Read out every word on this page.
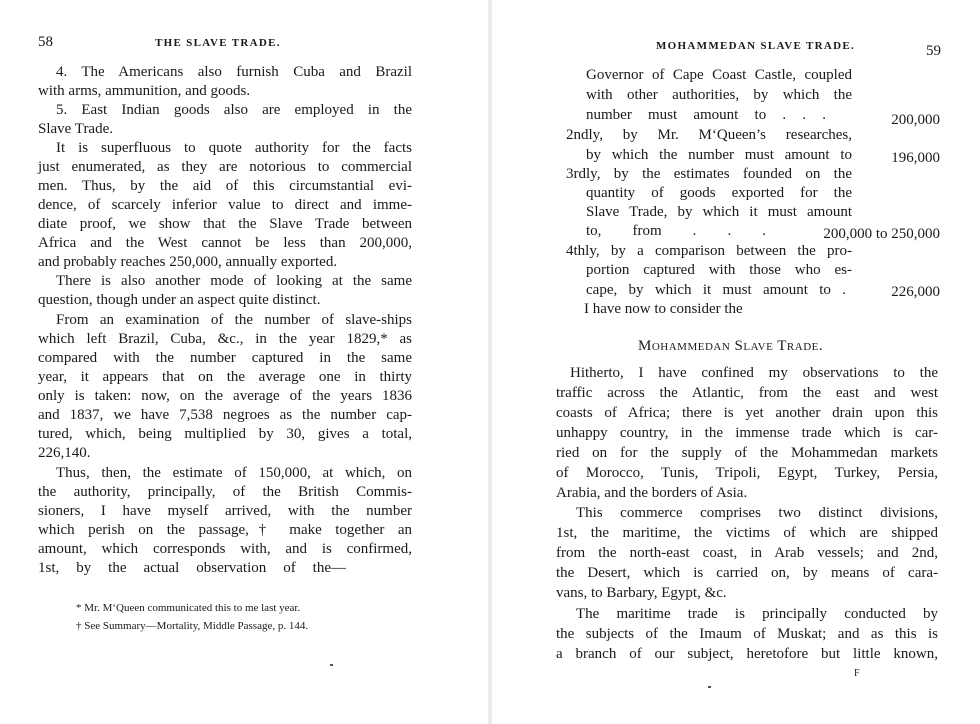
58	THE SLAVE TRADE.
4. The Americans also furnish Cuba and Brazil
with arms, ammunition, and goods.
5. East Indian goods also are employed in the
Slave Trade.
It is superfluous to quote authority for the facts
just enumerated, as they are notorious to commercial
men. Thus, by the aid of this circumstantial evi-
dence, of scarcely inferior value to direct and imme-
diate proof, we show that the Slave Trade between
Africa and the West cannot be less than 200,000,
and probably reaches 250,000, annually exported.
There is also another mode of looking at the same
question, though under an aspect quite distinct.
From an examination of the number of slave-ships
which left Brazil, Cuba, &c., in the year 1829,* as
compared with the number captured in the same
year, it appears that on the average one in thirty
only is taken: now, on the average of the years 1836
and 1837, we have 7,538 negroes as the number cap-
tured, which, being multiplied by 30, gives a total,
226,140.
Thus, then, the estimate of 150,000, at which, on
the authority, principally, of the British Commis-
sioners, I have myself arrived, with the number
which perish on the passage,† make together an
amount, which corresponds with, and is confirmed,
1st, by the actual observation of the—
* Mr. M‘Queen communicated this to me last year.
† See Summary—Mortality, Middle Passage, p. 144.
MOHAMMEDAN SLAVE TRADE.	59
Governor of Cape Coast Castle, coupled
with other authorities, by which the
number must amount to . . .	200,000
2ndly, by Mr. M‘Queen’s researches,
by which the number must amount to	196,000
3rdly, by the estimates founded on the
quantity of goods exported for the
Slave Trade, by which it must amount
to, from . . .	200,000 to 250,000
4thly, by a comparison between the pro-
portion captured with those who es-
cape, by which it must amount to .	226,000
I have now to consider the
Mohammedan Slave Trade.
Hitherto, I have confined my observations to the
traffic across the Atlantic, from the east and west
coasts of Africa; there is yet another drain upon this
unhappy country, in the immense trade which is car-
ried on for the supply of the Mohammedan markets
of Morocco, Tunis, Tripoli, Egypt, Turkey, Persia,
Arabia, and the borders of Asia.
This commerce comprises two distinct divisions,
1st, the maritime, the victims of which are shipped
from the north-east coast, in Arab vessels; and 2nd,
the Desert, which is carried on, by means of cara-
vans, to Barbary, Egypt, &c.
The maritime trade is principally conducted by
the subjects of the Imaum of Muskat; and as this is
a branch of our subject, heretofore but little known,
F
